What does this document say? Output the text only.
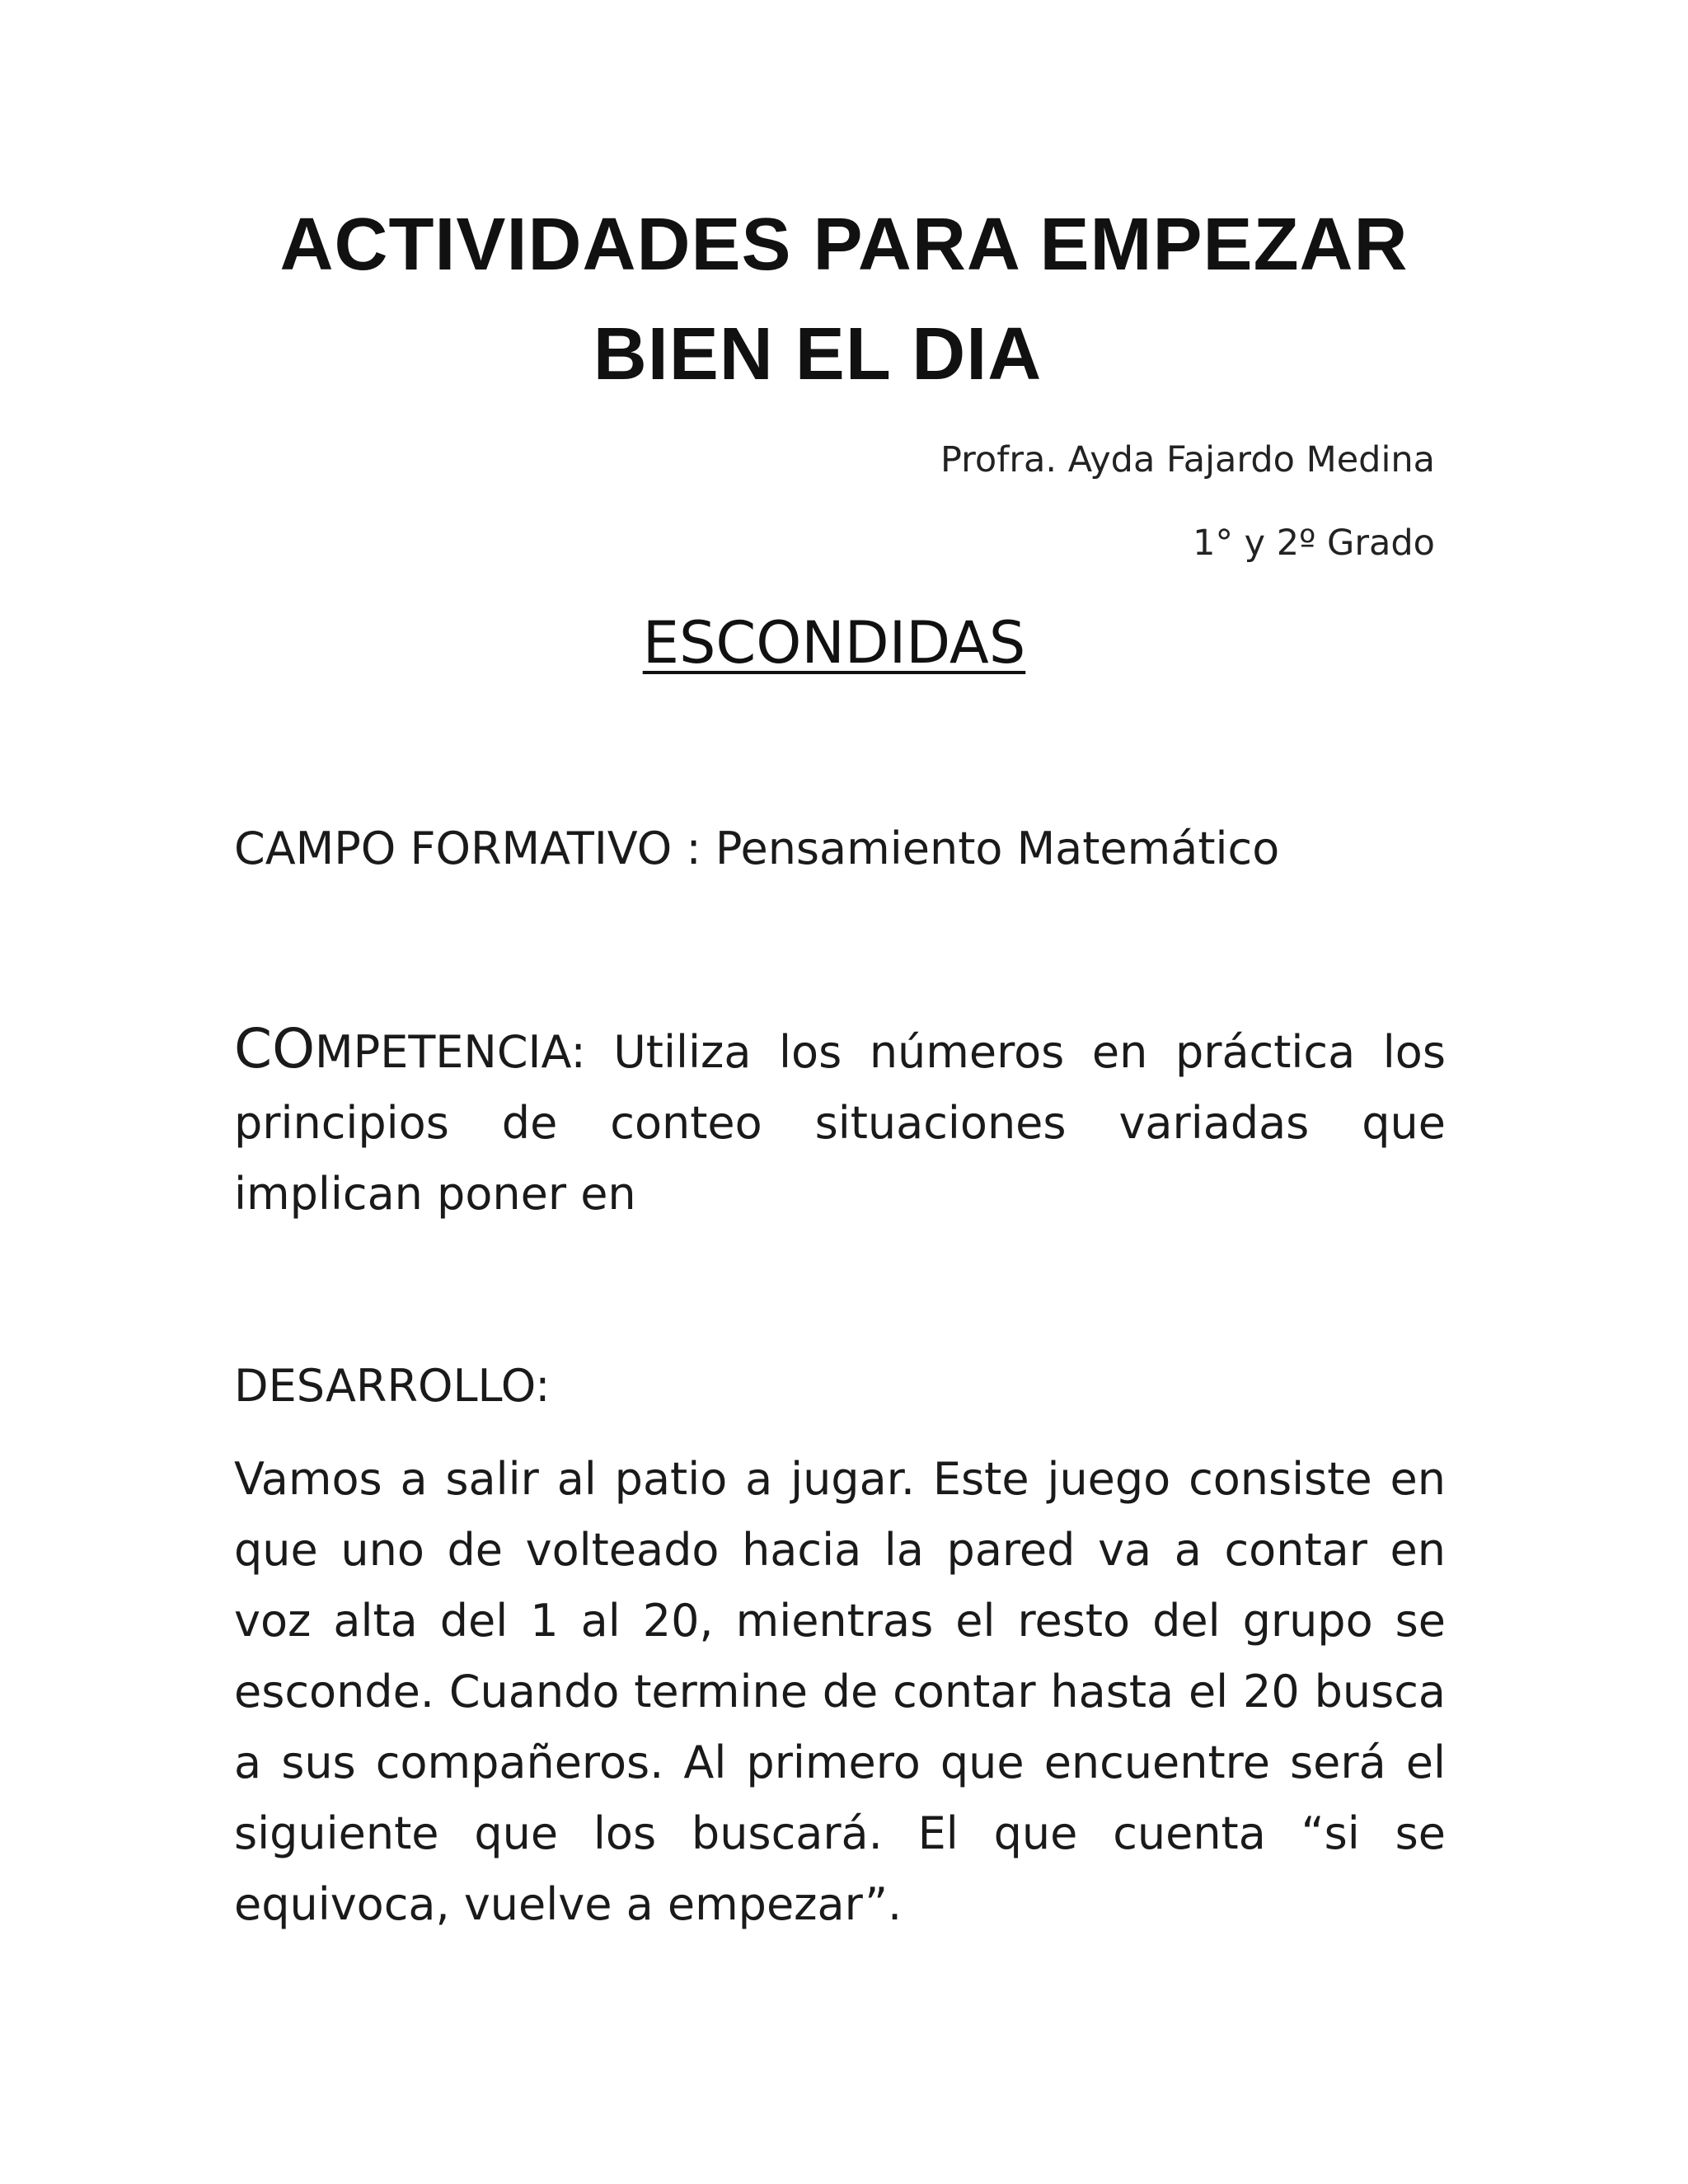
ACTIVIDADES PARA EMPEZAR
BIEN EL DIA
Profra. Ayda Fajardo Medina
1° y 2º Grado
ESCONDIDAS
CAMPO FORMATIVO : Pensamiento Matemático
COMPETENCIA: Utiliza los números en práctica los principios de conteo situaciones variadas que implican poner en
DESARROLLO:
Vamos a salir al patio a jugar. Este juego consiste en que uno de volteado hacia la pared va a contar en voz alta del 1 al 20, mientras el resto del grupo se esconde. Cuando termine de contar hasta el 20 busca a sus compañeros. Al primero que encuentre será el siguiente que los buscará. El que cuenta “si se equivoca, vuelve a empezar”.
